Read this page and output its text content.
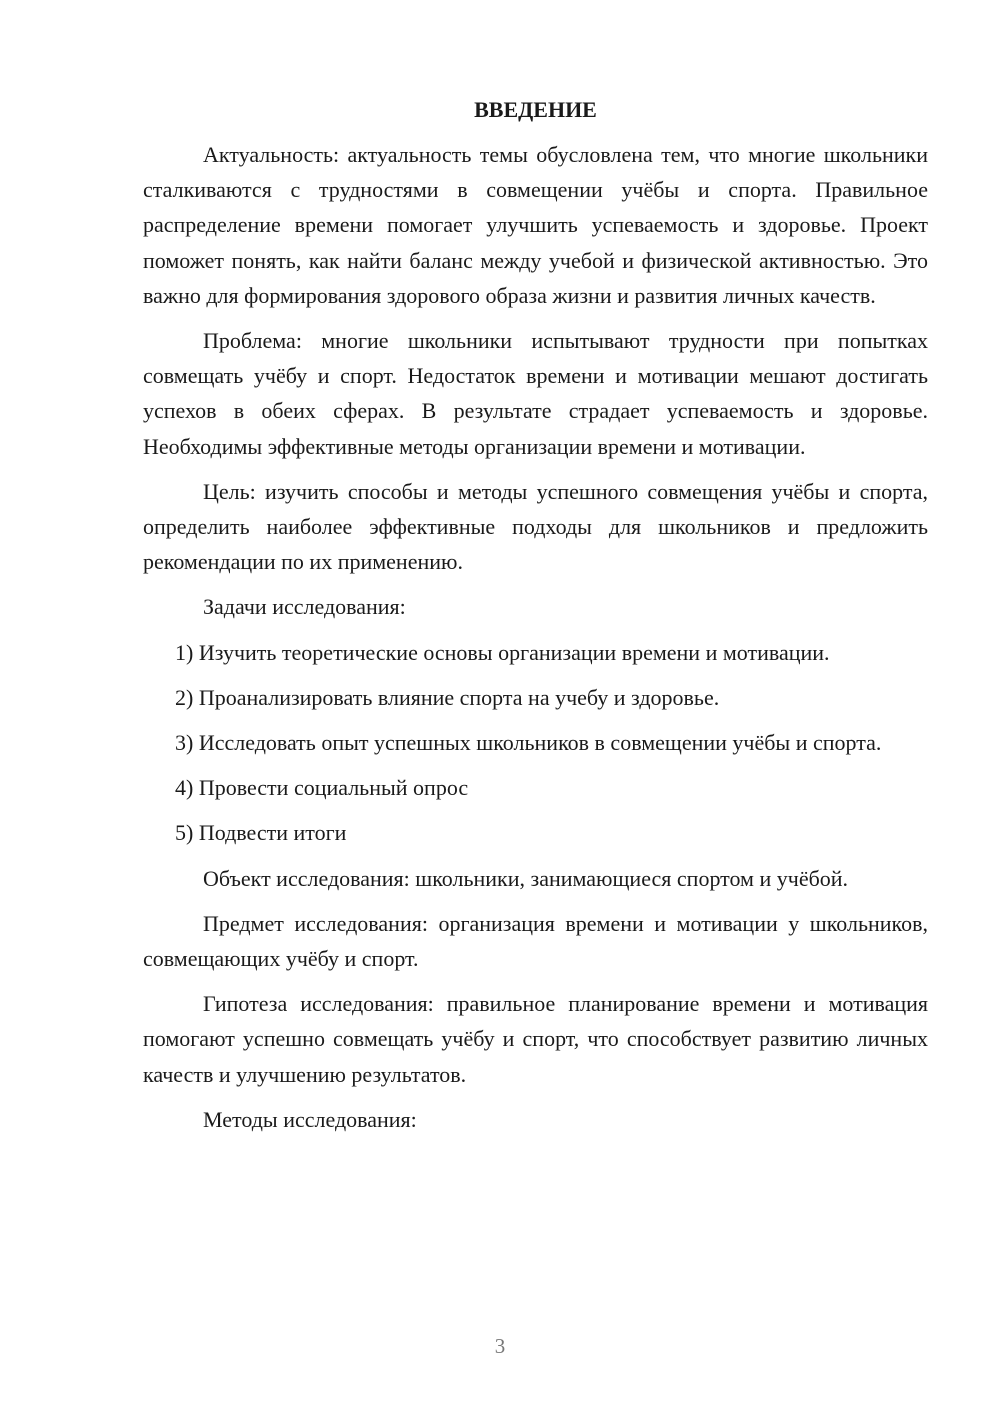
ВВЕДЕНИЕ

Актуальность: актуальность темы обусловлена тем, что многие школьники сталкиваются с трудностями в совмещении учёбы и спорта. Правильное распределение времени помогает улучшить успеваемость и здоровье. Проект поможет понять, как найти баланс между учебой и физической активностью. Это важно для формирования здорового образа жизни и развития личных качеств.

Проблема: многие школьники испытывают трудности при попытках совмещать учёбу и спорт. Недостаток времени и мотивации мешают достигать успехов в обеих сферах. В результате страдает успеваемость и здоровье. Необходимы эффективные методы организации времени и мотивации.

Цель: изучить способы и методы успешного совмещения учёбы и спорта, определить наиболее эффективные подходы для школьников и предложить рекомендации по их применению.

Задачи исследования:

1) Изучить теоретические основы организации времени и мотивации.

2) Проанализировать влияние спорта на учебу и здоровье.

3) Исследовать опыт успешных школьников в совмещении учёбы и спорта.

4) Провести социальный опрос

5) Подвести итоги

Объект исследования: школьники, занимающиеся спортом и учёбой.

Предмет исследования: организация времени и мотивации у школьников, совмещающих учёбу и спорт.

Гипотеза исследования: правильное планирование времени и мотивация помогают успешно совмещать учёбу и спорт, что способствует развитию личных качеств и улучшению результатов.

Методы исследования:

3
